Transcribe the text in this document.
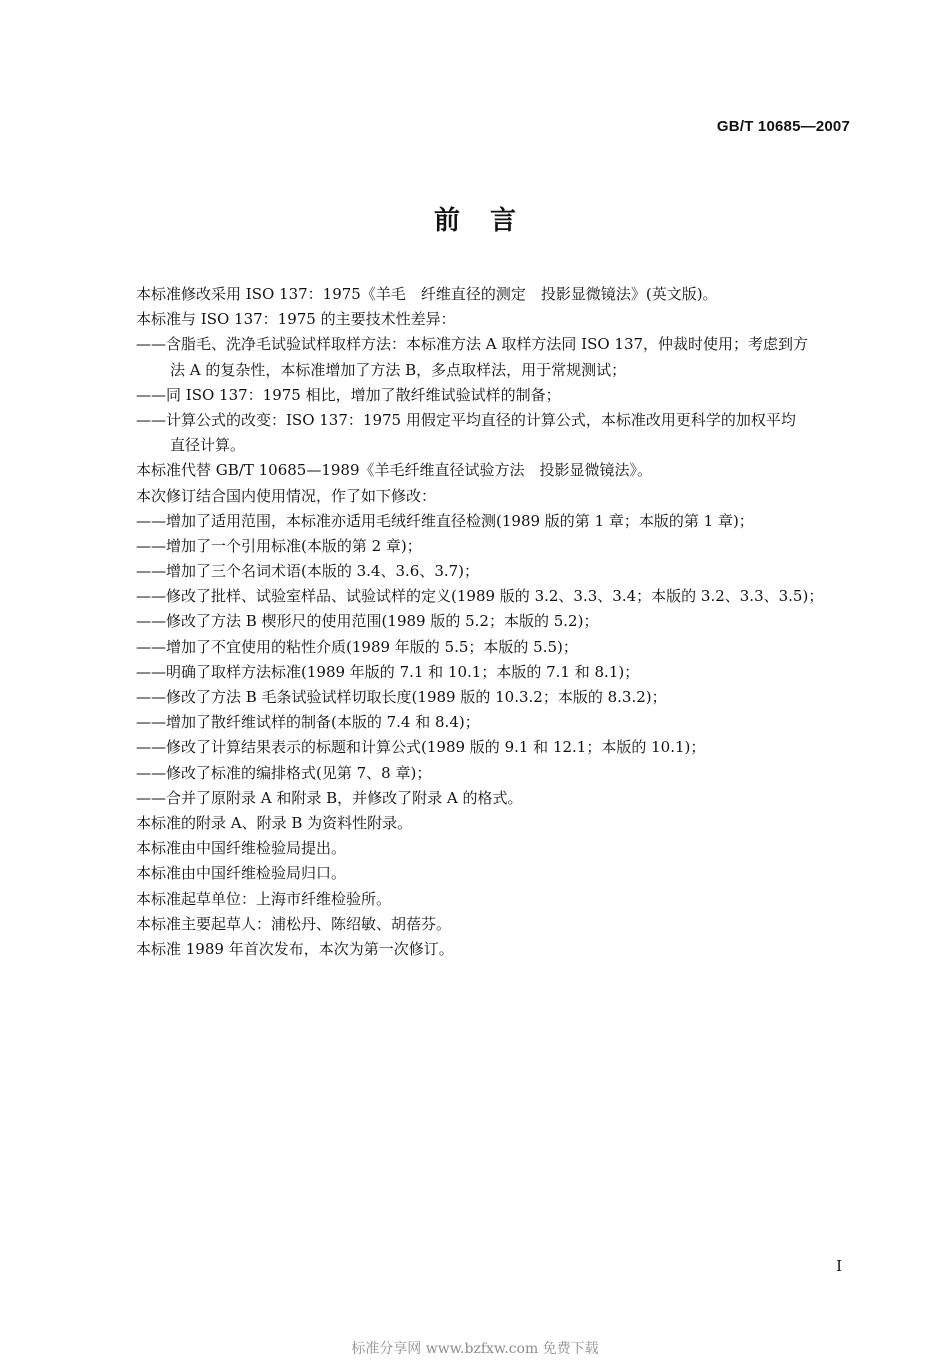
GB/T 10685—2007
前言
本标准修改采用 ISO 137：1975《羊毛　纤维直径的测定　投影显微镜法》(英文版)。
本标准与 ISO 137：1975 的主要技术性差异：
——含脂毛、洗净毛试验试样取样方法：本标准方法 A 取样方法同 ISO 137，仲裁时使用；考虑到方
法 A 的复杂性，本标准增加了方法 B，多点取样法，用于常规测试；
——同 ISO 137：1975 相比，增加了散纤维试验试样的制备；
——计算公式的改变：ISO 137：1975 用假定平均直径的计算公式，本标准改用更科学的加权平均
直径计算。
本标准代替 GB/T 10685—1989《羊毛纤维直径试验方法　投影显微镜法》。
本次修订结合国内使用情况，作了如下修改：
——增加了适用范围，本标准亦适用毛绒纤维直径检测(1989 版的第 1 章；本版的第 1 章)；
——增加了一个引用标准(本版的第 2 章)；
——增加了三个名词术语(本版的 3.4、3.6、3.7)；
——修改了批样、试验室样品、试验试样的定义(1989 版的 3.2、3.3、3.4；本版的 3.2、3.3、3.5)；
——修改了方法 B 楔形尺的使用范围(1989 版的 5.2；本版的 5.2)；
——增加了不宜使用的粘性介质(1989 年版的 5.5；本版的 5.5)；
——明确了取样方法标准(1989 年版的 7.1 和 10.1；本版的 7.1 和 8.1)；
——修改了方法 B 毛条试验试样切取长度(1989 版的 10.3.2；本版的 8.3.2)；
——增加了散纤维试样的制备(本版的 7.4 和 8.4)；
——修改了计算结果表示的标题和计算公式(1989 版的 9.1 和 12.1；本版的 10.1)；
——修改了标准的编排格式(见第 7、8 章)；
——合并了原附录 A 和附录 B，并修改了附录 A 的格式。
本标准的附录 A、附录 B 为资料性附录。
本标准由中国纤维检验局提出。
本标准由中国纤维检验局归口。
本标准起草单位：上海市纤维检验所。
本标准主要起草人：浦松丹、陈绍敏、胡蓓芬。
本标准 1989 年首次发布，本次为第一次修订。
I
标准分享网 www.bzfxw.com 免费下载
